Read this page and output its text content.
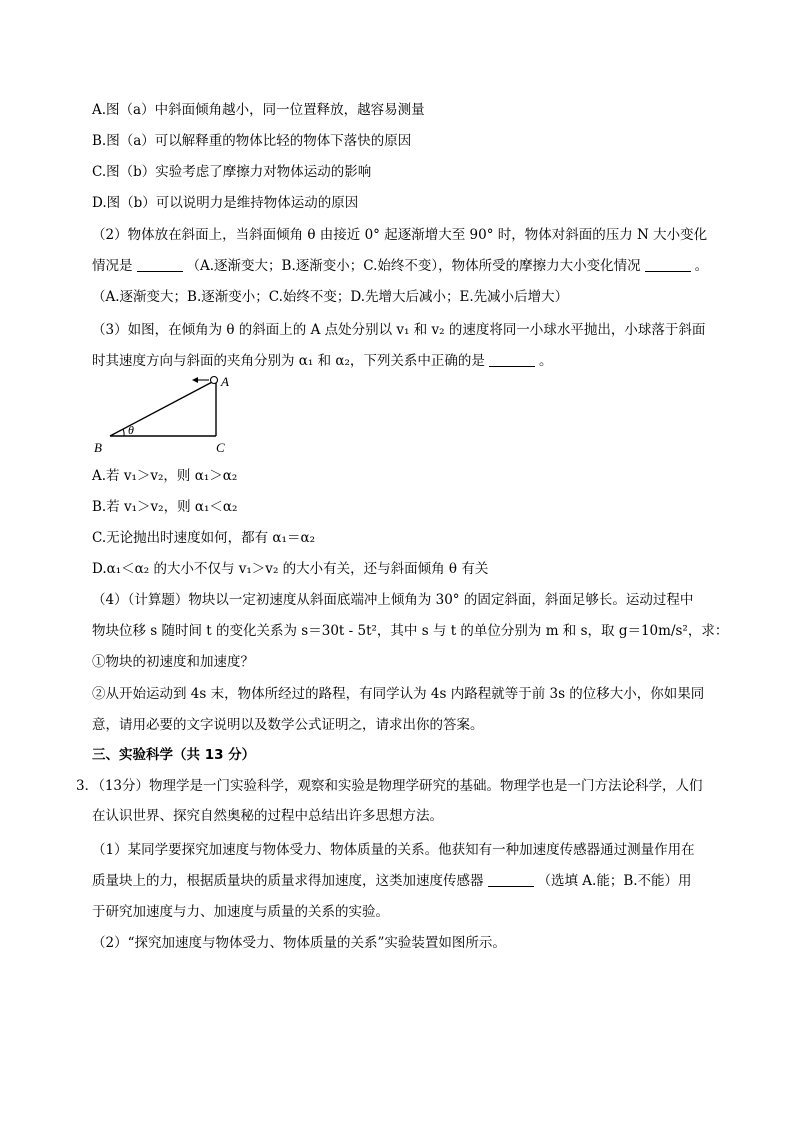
A.图（a）中斜面倾角越小，同一位置释放，越容易测量
B.图（a）可以解释重的物体比轻的物体下落快的原因
C.图（b）实验考虑了摩擦力对物体运动的影响
D.图（b）可以说明力是维持物体运动的原因
（2）物体放在斜面上，当斜面倾角 θ 由接近 0° 起逐渐增大至 90° 时，物体对斜面的压力 N 大小变化
情况是	（A.逐渐变大；B.逐渐变小；C.始终不变），物体所受的摩擦力大小变化情况	。
（A.逐渐变大；B.逐渐变小；C.始终不变；D.先增大后减小；E.先减小后增大）
（3）如图，在倾角为 θ 的斜面上的 A 点处分别以 v₁ 和 v₂ 的速度将同一小球水平抛出，小球落于斜面
时其速度方向与斜面的夹角分别为 α₁ 和 α₂，下列关系中正确的是	。
θ
B	C
A
A.若 v₁＞v₂，则 α₁＞α₂
B.若 v₁＞v₂，则 α₁＜α₂
C.无论抛出时速度如何，都有 α₁＝α₂
D.α₁＜α₂ 的大小不仅与 v₁＞v₂ 的大小有关，还与斜面倾角 θ 有关
（4）（计算题）物块以一定初速度从斜面底端冲上倾角为 30° 的固定斜面，斜面足够长。运动过程中
物块位移 s 随时间 t 的变化关系为 s＝30t - 5t²，其中 s 与 t 的单位分别为 m 和 s，取 g＝10m/s²，求：
①物块的初速度和加速度？
②从开始运动到 4s 末，物体所经过的路程，有同学认为 4s 内路程就等于前 3s 的位移大小，你如果同
意，请用必要的文字说明以及数学公式证明之，请求出你的答案。
三、实验科学（共 13 分）
3．（13分）物理学是一门实验科学，观察和实验是物理学研究的基础。物理学也是一门方法论科学，人们
在认识世界、探究自然奥秘的过程中总结出许多思想方法。
（1）某同学要探究加速度与物体受力、物体质量的关系。他获知有一种加速度传感器通过测量作用在
质量块上的力，根据质量块的质量求得加速度，这类加速度传感器	（选填 A.能；B.不能）用
于研究加速度与力、加速度与质量的关系的实验。
（2）“探究加速度与物体受力、物体质量的关系”实验装置如图所示。
